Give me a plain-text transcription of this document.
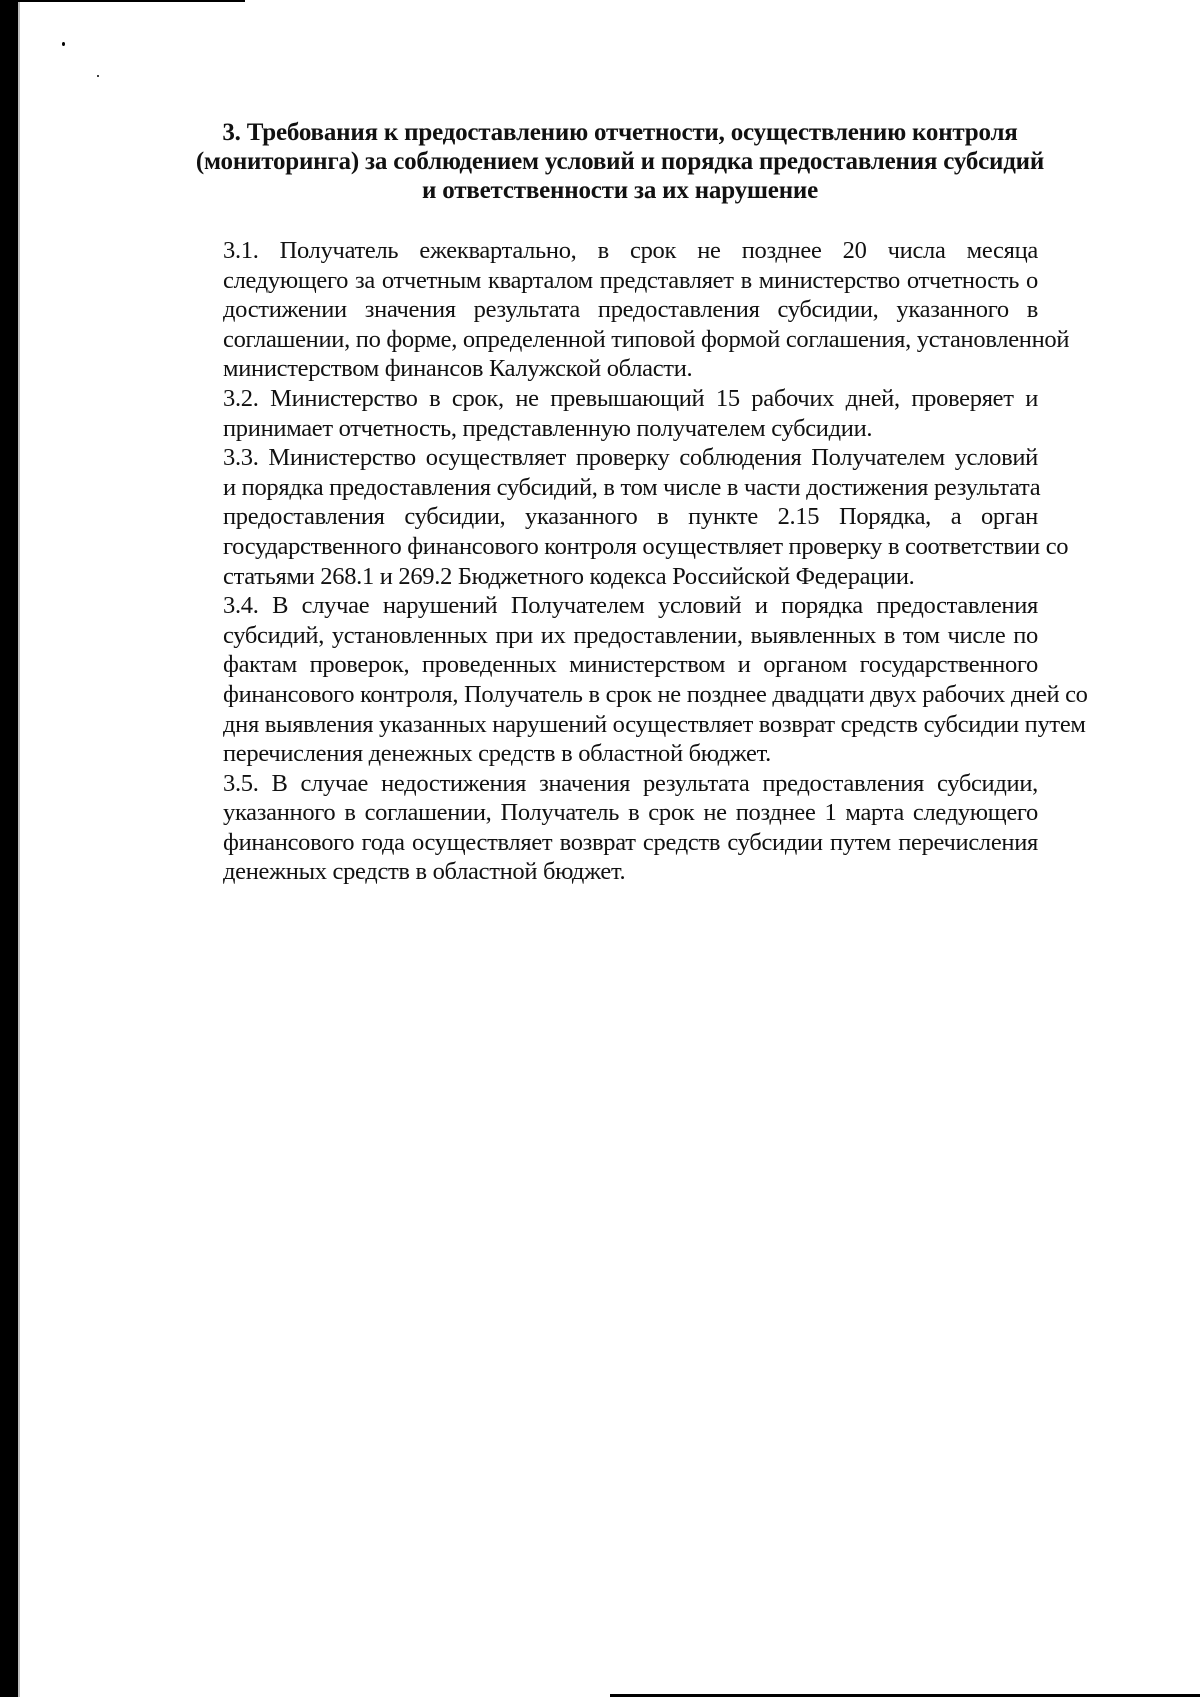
3. Требования к предоставлению отчетности, осуществлению контроля
(мониторинга) за соблюдением условий и порядка предоставления субсидий
и ответственности за их нарушение
3.1. Получатель ежеквартально, в срок не позднее 20 числа месяца
следующего за отчетным кварталом представляет в министерство отчетность о
достижении значения результата предоставления субсидии, указанного в
соглашении, по форме, определенной типовой формой соглашения, установленной
министерством финансов Калужской области.
3.2. Министерство в срок, не превышающий 15 рабочих дней, проверяет и
принимает отчетность, представленную получателем субсидии.
3.3. Министерство осуществляет проверку соблюдения Получателем условий
и порядка предоставления субсидий, в том числе в части достижения результата
предоставления субсидии, указанного в пункте 2.15 Порядка, а орган
государственного финансового контроля осуществляет проверку в соответствии со
статьями 268.1 и 269.2 Бюджетного кодекса Российской Федерации.
3.4. В случае нарушений Получателем условий и порядка предоставления
субсидий, установленных при их предоставлении, выявленных в том числе по
фактам проверок, проведенных министерством и органом государственного
финансового контроля, Получатель в срок не позднее двадцати двух рабочих дней со
дня выявления указанных нарушений осуществляет возврат средств субсидии путем
перечисления денежных средств в областной бюджет.
3.5. В случае недостижения значения результата предоставления субсидии,
указанного в соглашении, Получатель в срок не позднее 1 марта следующего
финансового года осуществляет возврат средств субсидии путем перечисления
денежных средств в областной бюджет.
